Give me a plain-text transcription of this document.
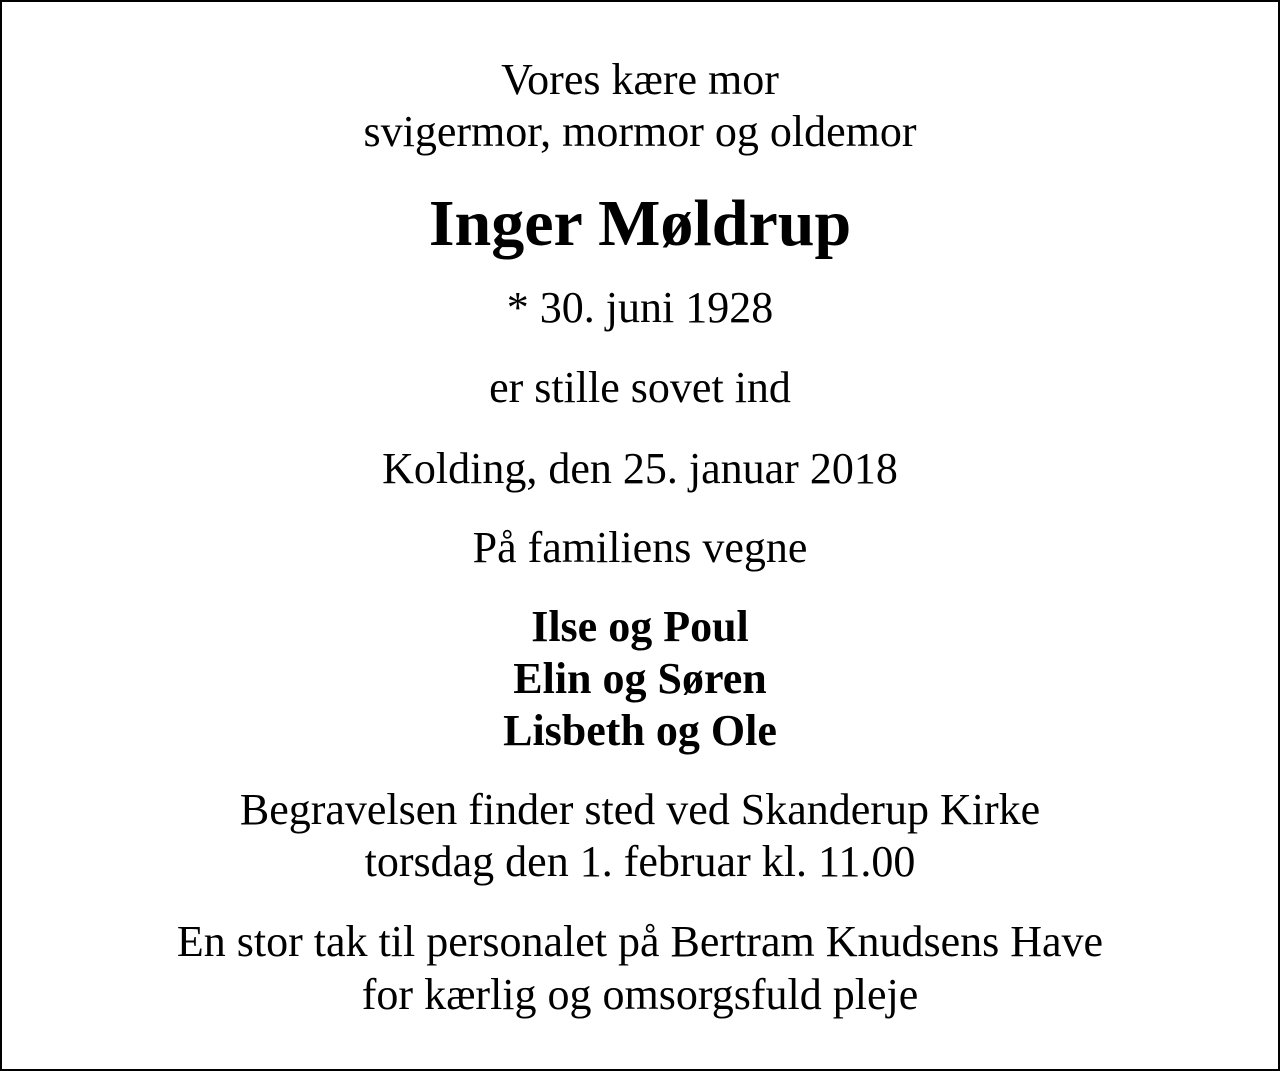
Vores kære mor
svigermor, mormor og oldemor
Inger Møldrup
* 30. juni 1928
er stille sovet ind
Kolding, den 25. januar 2018
På familiens vegne
Ilse og Poul
Elin og Søren
Lisbeth og Ole
Begravelsen finder sted ved Skanderup Kirke
torsdag den 1. februar kl. 11.00
En stor tak til personalet på Bertram Knudsens Have
for kærlig og omsorgsfuld pleje
